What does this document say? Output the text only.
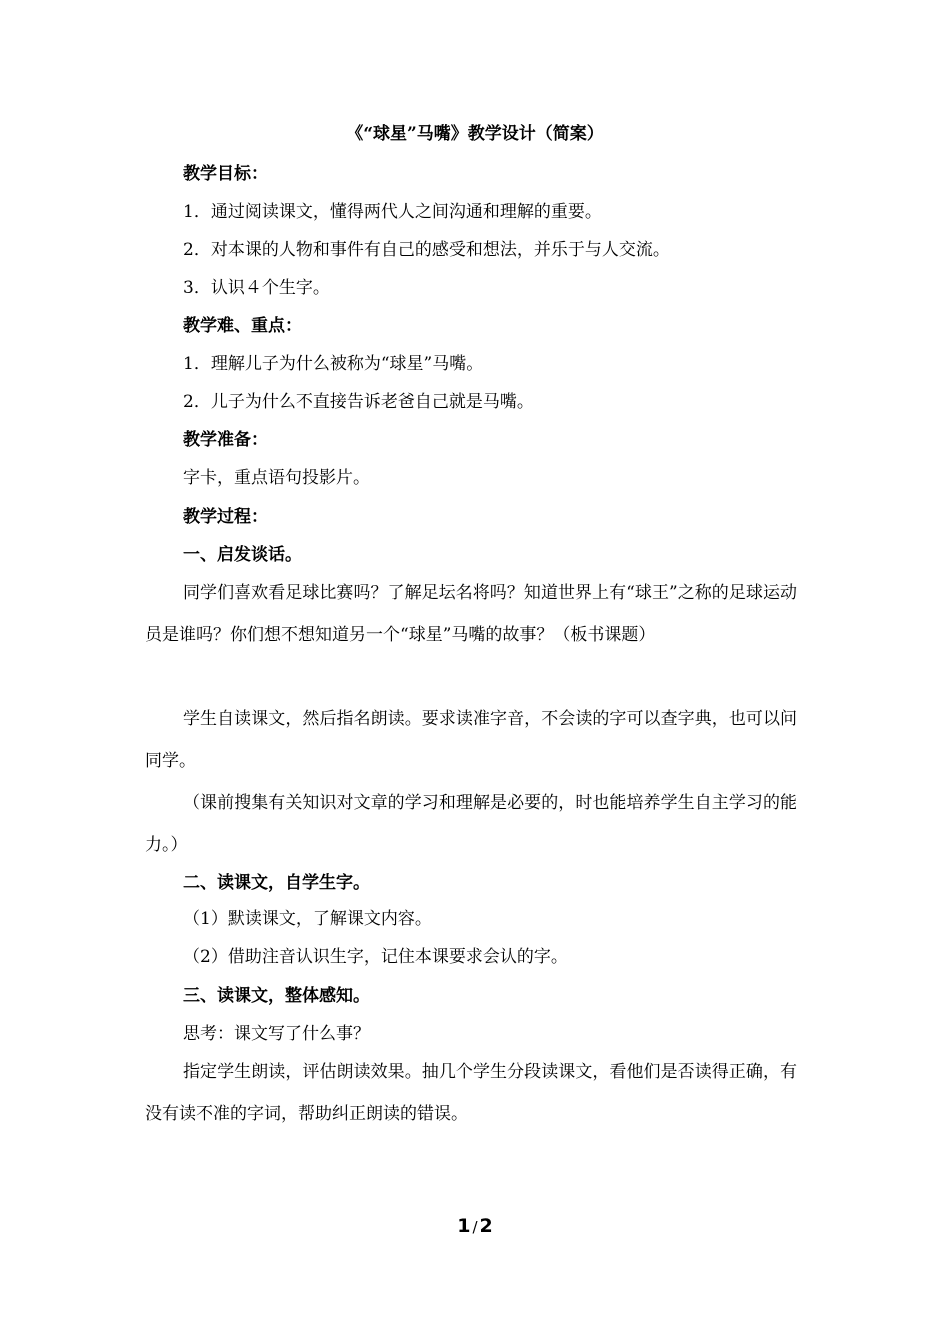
《“球星”马嘴》教学设计（简案）
教学目标：
1．通过阅读课文，懂得两代人之间沟通和理解的重要。
2．对本课的人物和事件有自己的感受和想法，并乐于与人交流。
3．认识４个生字。
教学难、重点：
1．理解儿子为什么被称为“球星”马嘴。
2．儿子为什么不直接告诉老爸自己就是马嘴。
教学准备：
字卡，重点语句投影片。
教学过程：
一、启发谈话。
同学们喜欢看足球比赛吗？了解足坛名将吗？知道世界上有“球王”之称的足球运动员是谁吗？你们想不想知道另一个“球星”马嘴的故事？（板书课题）
学生自读课文，然后指名朗读。要求读准字音，不会读的字可以查字典，也可以问同学。
（课前搜集有关知识对文章的学习和理解是必要的，时也能培养学生自主学习的能力。）
二、读课文，自学生字。
（1）默读课文，了解课文内容。
（2）借助注音认识生字，记住本课要求会认的字。
三、读课文，整体感知。
思考：课文写了什么事？
指定学生朗读，评估朗读效果。抽几个学生分段读课文，看他们是否读得正确，有没有读不准的字词，帮助纠正朗读的错误。
1 / 2
